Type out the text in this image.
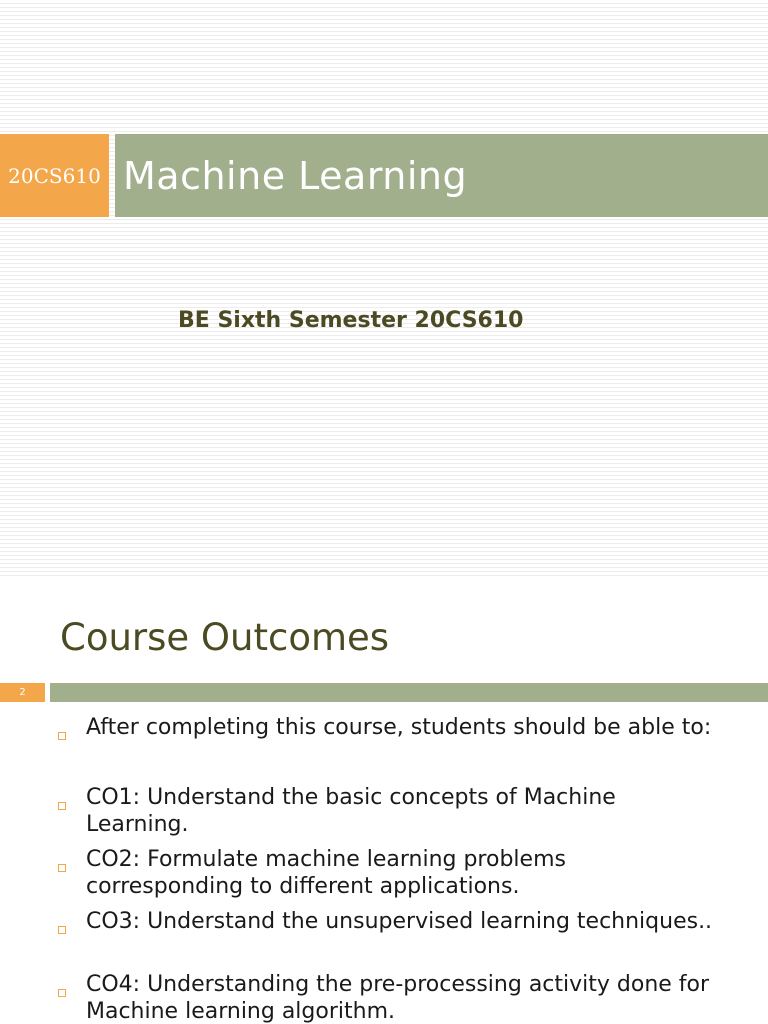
20CS610 Machine Learning
BE Sixth Semester 20CS610
Course Outcomes
2
After completing this course, students should be able to:
CO1: Understand the basic concepts of Machine Learning.
CO2: Formulate machine learning problems corresponding to different applications.
CO3: Understand the unsupervised learning techniques..
CO4: Understanding the pre-processing activity done for Machine learning algorithm.
